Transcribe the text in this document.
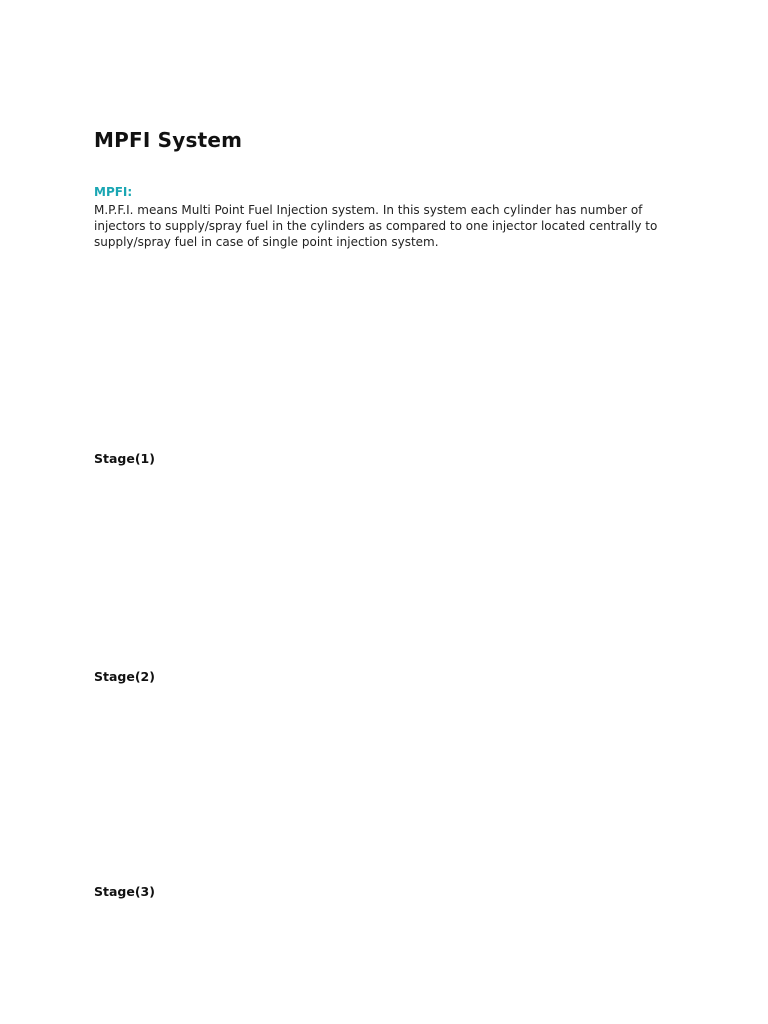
MPFI System
MPFI:

M.P.F.I. means Multi Point Fuel Injection system. In this system each cylinder has number of injectors to supply/spray fuel in the cylinders as compared to one injector located centrally to supply/spray fuel in case of single point injection system.

Stage(1)
Stage(2)
Stage(3)
